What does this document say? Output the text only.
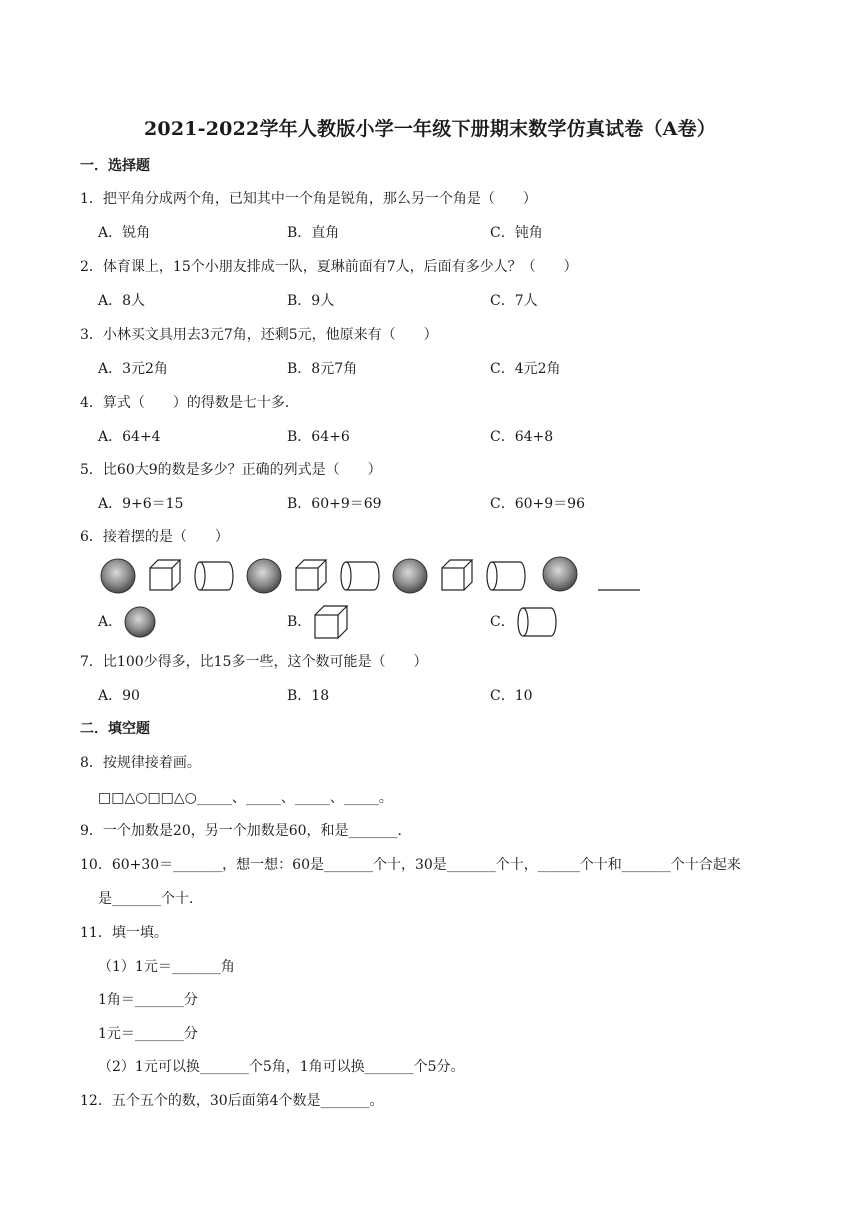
2021-2022学年人教版小学一年级下册期末数学仿真试卷（A卷）
一．选择题
1．把平角分成两个角，已知其中一个角是锐角，那么另一个角是（　　）
A．锐角	B．直角	C．钝角
2．体育课上，15个小朋友排成一队，夏琳前面有7人，后面有多少人？（　　）
A．8人	B．9人	C．7人
3．小林买文具用去3元7角，还剩5元，他原来有（　　）
A．3元2角	B．8元7角	C．4元2角
4．算式（　　）的得数是七十多．
A．64+4	B．64+6	C．64+8
5．比60大9的数是多少？正确的列式是（　　）
A．9+6＝15	B．60+9＝69	C．60+9＝96
6．接着摆的是（　　）
A．	B．	C．
7．比100少得多，比15多一些，这个数可能是（　　）
A．90	B．18	C．10
二．填空题
8．按规律接着画。
□□△○□□△○_____、_____、_____、_____。
9．一个加数是20，另一个加数是60，和是_______．
10．60+30＝_______，想一想：60是_______个十，30是_______个十，______个十和_______个十合起来
是_______个十．
11．填一填。
（1）1元＝_______角
1角＝_______分
1元＝_______分
（2）1元可以换_______个5角，1角可以换_______个5分。
12．五个五个的数，30后面第4个数是_______。
